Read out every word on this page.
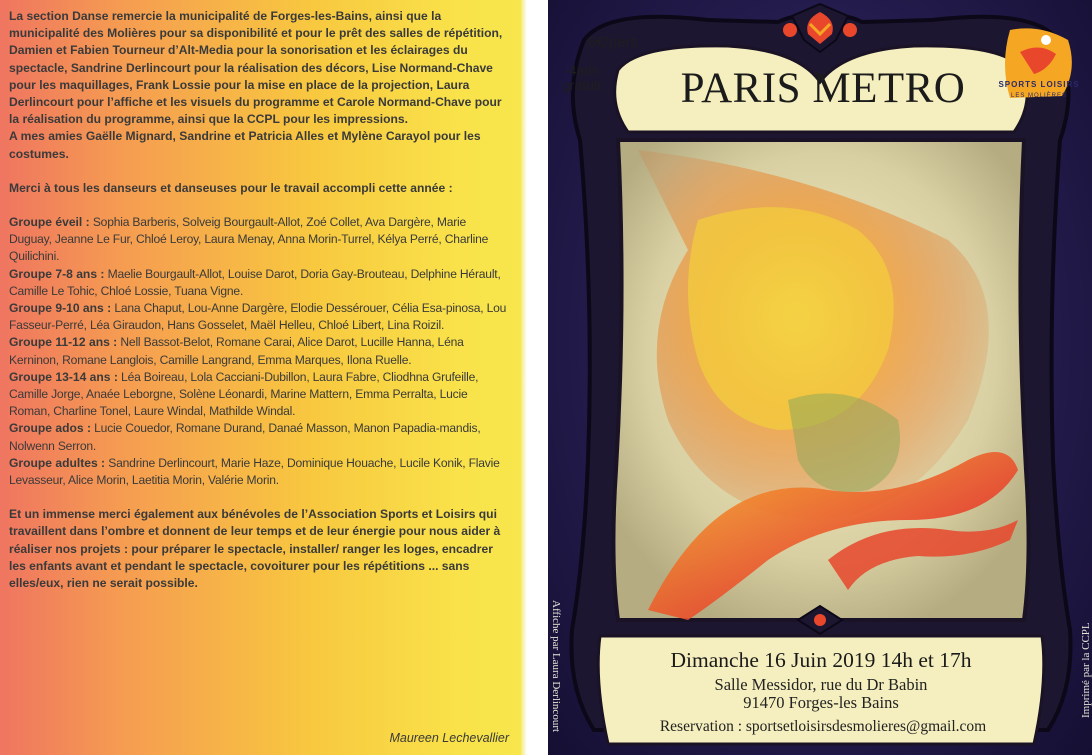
La section Danse remercie la municipalité de Forges-les-Bains, ainsi que la municipalité des Molières pour sa disponibilité et pour le prêt des salles de répétition, Damien et Fabien Tourneur d’Alt-Media pour la sonorisation et les éclairages du spectacle, Sandrine Derlincourt pour la réalisation des décors, Lise Normand-Chave pour les maquillages, Frank Lossie pour la mise en place de la projection, Laura Derlincourt pour l’affiche et les visuels du programme et Carole Normand-Chave pour la réalisation du programme, ainsi que la CCPL pour les impressions.

A mes amies Gaëlle Mignard, Sandrine et Patricia Alles et Mylène Carayol pour les costumes.

Merci à tous les danseurs et danseuses pour le travail accompli cette année :

Groupe éveil : Sophia Barberis, Solveig Bourgault-Allot, Zoé Collet, Ava Dargère, Marie Duguay, Jeanne Le Fur, Chloé Leroy, Laura Menay, Anna Morin-Turrel, Kélya Perré, Charline Quilichini.

Groupe 7-8 ans : Maelie Bourgault-Allot, Louise Darot, Doria Gay-Brouteau, Delphine Hérault, Camille Le Tohic, Chloé Lossie, Tuana Vigne.

Groupe 9-10 ans : Lana Chaput, Lou-Anne Dargère, Elodie Dessérouer, Célia Esa-pinosa, Lou Fasseur-Perré, Léa Giraudon, Hans Gosselet, Maël Helleu, Chloé Libert, Lina Roizil.

Groupe 11-12 ans : Nell Bassot-Belot, Romane Carai, Alice Darot, Lucille Hanna, Léna Kerninon, Romane Langlois, Camille Langrand, Emma Marques, Ilona Ruelle.

Groupe 13-14 ans : Léa Boireau, Lola Cacciani-Dubillon, Laura Fabre, Cliodhna Grufeille, Camille Jorge, Anaée Leborgne, Solène Léonardi, Marine Mattern, Emma Perralta, Lucie Roman, Charline Tonel, Laure Windal, Mathilde Windal.

Groupe ados : Lucie Couedor, Romane Durand, Danaé Masson, Manon Papadia-mandis, Nolwenn Serron.

Groupe adultes : Sandrine Derlincourt, Marie Haze, Dominique Houache, Lucile Konik, Flavie Levasseur, Alice Morin, Laetitia Morin, Valérie Morin.

Et un immense merci également aux bénévoles de l’Association Sports et Loisirs qui travaillent dans l’ombre et donnent de leur temps et de leur énergie pour nous aider à réaliser nos projets : pour préparer le spectacle, installer/ ranger les loges, encadrer les enfants avant et pendant le spectacle, covoiturer pour les répétitions ... sans elles/eux, rien ne serait possible.

Maureen Lechevallier
6€/pers
-4ans
gratuit	PARIS METRO	SPORTS LOISIRS
LES MOLIÈRES
Dimanche 16 Juin 2019 14h et 17h
Salle Messidor, rue du Dr Babin
91470 Forges-les Bains
Reservation : sportsetloisirsdesmolieres@gmail.com
Affiche par Laura Derlincourt	Imprimé par la CCPL
